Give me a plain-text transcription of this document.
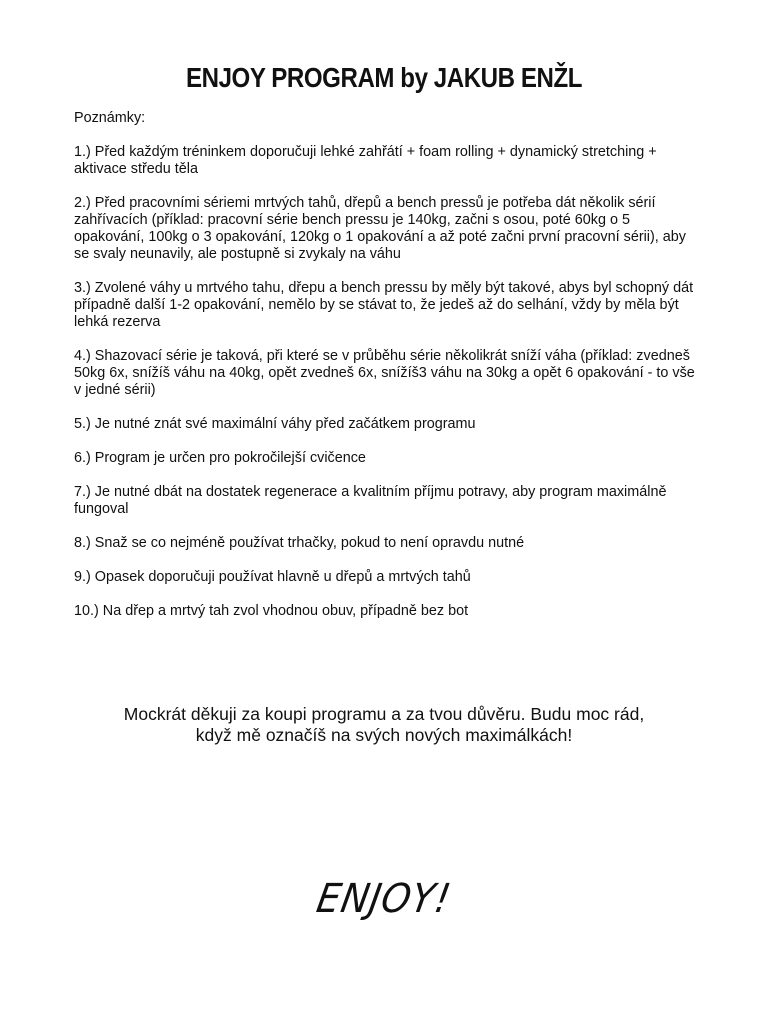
ENJOY PROGRAM by JAKUB ENŽL

Poznámky:

1.) Před každým tréninkem doporučuji lehké zahřátí + foam rolling + dynamický stretching + aktivace středu těla

2.) Před pracovními sériemi mrtvých tahů, dřepů a bench pressů je potřeba dát několik sérií zahřívacích (příklad: pracovní série bench pressu je 140kg, začni s osou, poté 60kg o 5 opakování, 100kg o 3 opakování, 120kg o 1 opakování a až poté začni první pracovní sérii), aby se svaly neunavily, ale postupně si zvykaly na váhu

3.) Zvolené váhy u mrtvého tahu, dřepu a bench pressu by měly být takové, abys byl schopný dát případně další 1-2 opakování, nemělo by se stávat to, že jedeš až do selhání, vždy by měla být lehká rezerva

4.) Shazovací série je taková, při které se v průběhu série několikrát sníží váha (příklad: zvedneš 50kg 6x, snížíš váhu na 40kg, opět zvedneš 6x, snížíš3 váhu na 30kg a opět 6 opakování - to vše v jedné sérii)

5.) Je nutné znát své maximální váhy před začátkem programu

6.) Program je určen pro pokročilejší cvičence

7.) Je nutné dbát na dostatek regenerace a kvalitním příjmu potravy, aby program maximálně fungoval

8.) Snaž se co nejméně používat trhačky, pokud to není opravdu nutné

9.) Opasek doporučuji používat hlavně u dřepů a mrtvých tahů

10.) Na dřep a mrtvý tah zvol vhodnou obuv, případně bez bot

Mockrát děkuji za koupi programu a za tvou důvěru. Budu moc rád,
když mě označíš na svých nových maximálkách!

ENJOY!
